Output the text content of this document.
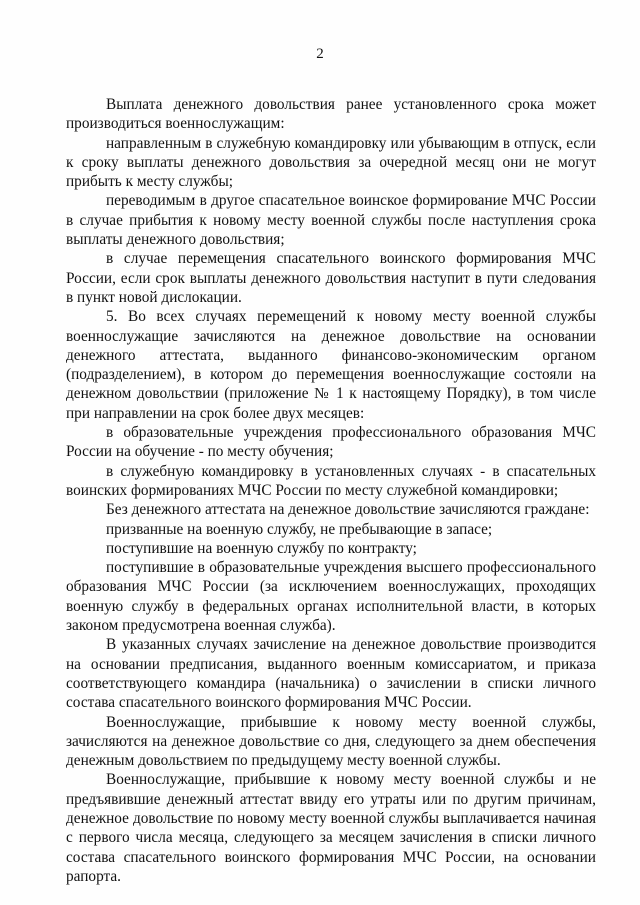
2

Выплата денежного довольствия ранее установленного срока может производиться военнослужащим:

направленным в служебную командировку или убывающим в отпуск, если к сроку выплаты денежного довольствия за очередной месяц они не могут прибыть к месту службы;

переводимым в другое спасательное воинское формирование МЧС России в случае прибытия к новому месту военной службы после наступления срока выплаты денежного довольствия;

в случае перемещения спасательного воинского формирования МЧС России, если срок выплаты денежного довольствия наступит в пути следования в пункт новой дислокации.

5. Во всех случаях перемещений к новому месту военной службы военнослужащие зачисляются на денежное довольствие на основании денежного аттестата, выданного финансово-экономическим органом (подразделением), в котором до перемещения военнослужащие состояли на денежном довольствии (приложение № 1 к настоящему Порядку), в том числе при направлении на срок более двух месяцев:

в образовательные учреждения профессионального образования МЧС России на обучение - по месту обучения;

в служебную командировку в установленных случаях - в спасательных воинских формированиях МЧС России по месту служебной командировки;

Без денежного аттестата на денежное довольствие зачисляются граждане:

призванные на военную службу, не пребывающие в запасе;

поступившие на военную службу по контракту;

поступившие в образовательные учреждения высшего профессионального образования МЧС России (за исключением военнослужащих, проходящих военную службу в федеральных органах исполнительной власти, в которых законом предусмотрена военная служба).

В указанных случаях зачисление на денежное довольствие производится на основании предписания, выданного военным комиссариатом, и приказа соответствующего командира (начальника) о зачислении в списки личного состава спасательного воинского формирования МЧС России.

Военнослужащие, прибывшие к новому месту военной службы, зачисляются на денежное довольствие со дня, следующего за днем обеспечения денежным довольствием по предыдущему месту военной службы.

Военнослужащие, прибывшие к новому месту военной службы и не предъявившие денежный аттестат ввиду его утраты или по другим причинам, денежное довольствие по новому месту военной службы выплачивается начиная с первого числа месяца, следующего за месяцем зачисления в списки личного состава спасательного воинского формирования МЧС России, на основании рапорта.
